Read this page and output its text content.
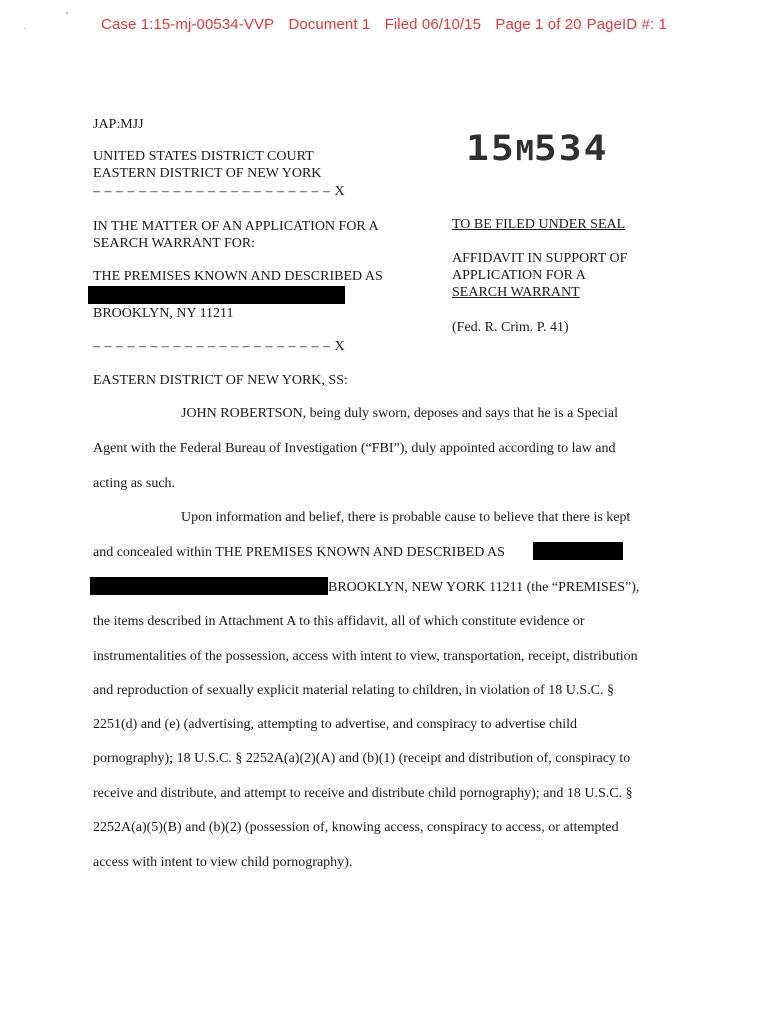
Case 1:15-mj-00534-VVP Document 1 Filed 06/10/15 Page 1 of 20 PageID #: 1
15M534
JAP:MJJ
UNITED STATES DISTRICT COURT
EASTERN DISTRICT OF NEW YORK
– – – – – – – – – – – – – – – – – – – – – X
IN THE MATTER OF AN APPLICATION FOR A
SEARCH WARRANT FOR:
THE PREMISES KNOWN AND DESCRIBED AS
BROOKLYN, NY 11211
– – – – – – – – – – – – – – – – – – – – – X
TO BE FILED UNDER SEAL
AFFIDAVIT IN SUPPORT OF
APPLICATION FOR A
SEARCH WARRANT
(Fed. R. Crim. P. 41)
EASTERN DISTRICT OF NEW YORK, SS:
JOHN ROBERTSON, being duly sworn, deposes and says that he is a Special
Agent with the Federal Bureau of Investigation (“FBI”), duly appointed according to law and
acting as such.
Upon information and belief, there is probable cause to believe that there is kept
and concealed within THE PREMISES KNOWN AND DESCRIBED AS
BROOKLYN, NEW YORK 11211 (the “PREMISES”),
the items described in Attachment A to this affidavit, all of which constitute evidence or
instrumentalities of the possession, access with intent to view, transportation, receipt, distribution
and reproduction of sexually explicit material relating to children, in violation of 18 U.S.C. §
2251(d) and (e) (advertising, attempting to advertise, and conspiracy to advertise child
pornography); 18 U.S.C. § 2252A(a)(2)(A) and (b)(1) (receipt and distribution of, conspiracy to
receive and distribute, and attempt to receive and distribute child pornography); and 18 U.S.C. §
2252A(a)(5)(B) and (b)(2) (possession of, knowing access, conspiracy to access, or attempted
access with intent to view child pornography).
